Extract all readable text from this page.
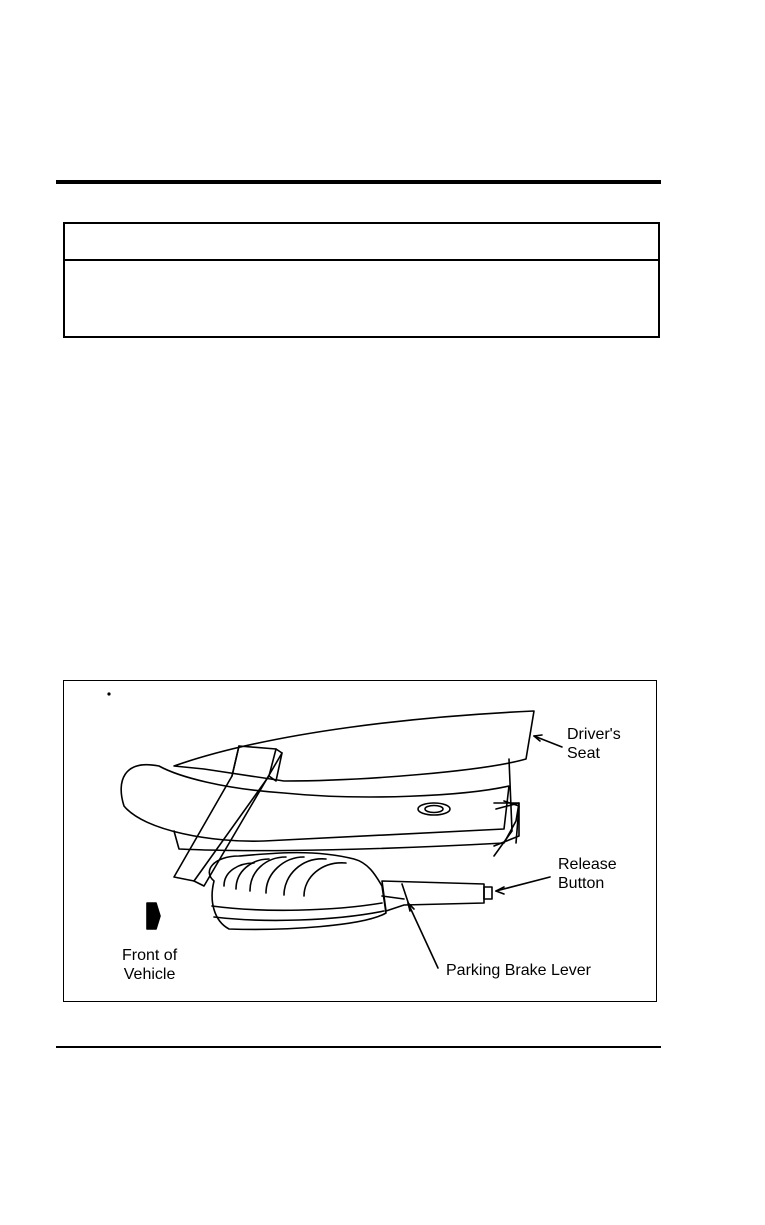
Driver's
Seat
Release
Button
Front of
Vehicle	Parking Brake Lever
